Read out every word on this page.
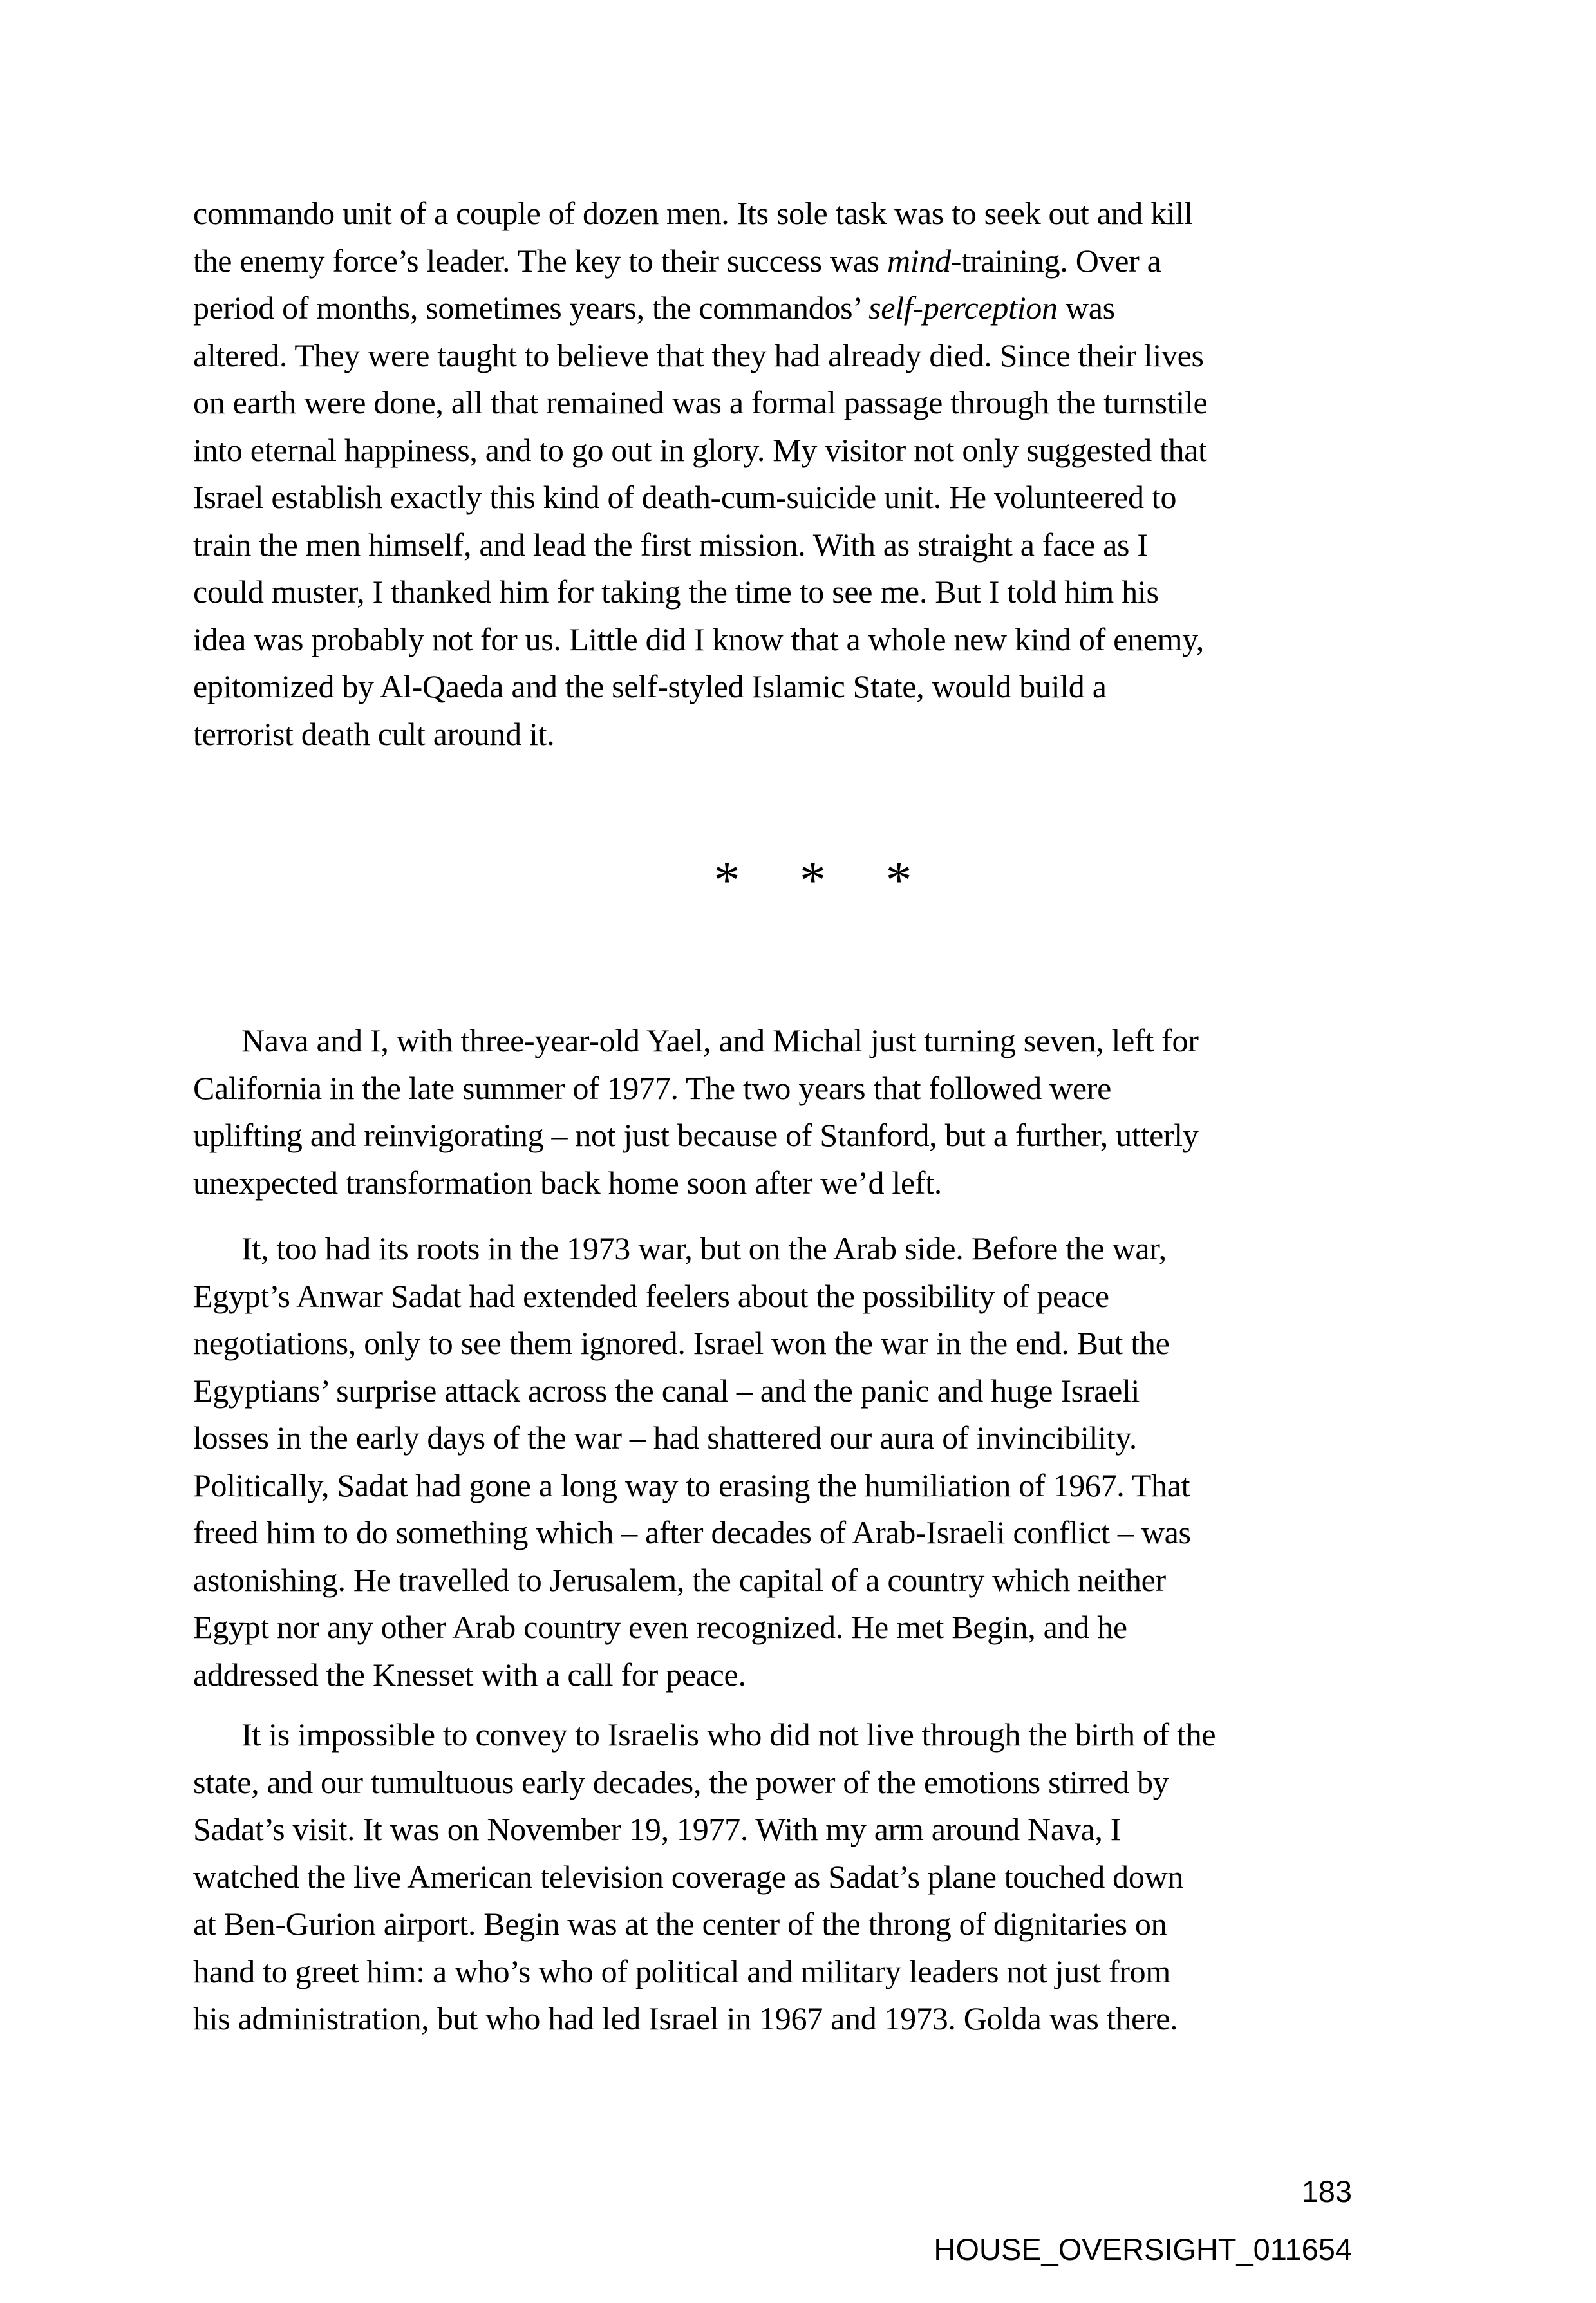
commando unit of a couple of dozen men. Its sole task was to seek out and kill
the enemy force’s leader. The key to their success was mind-training. Over a
period of months, sometimes years, the commandos’ self-perception was
altered. They were taught to believe that they had already died. Since their lives
on earth were done, all that remained was a formal passage through the turnstile
into eternal happiness, and to go out in glory. My visitor not only suggested that
Israel establish exactly this kind of death-cum-suicide unit. He volunteered to
train the men himself, and lead the first mission. With as straight a face as I
could muster, I thanked him for taking the time to see me. But I told him his
idea was probably not for us. Little did I know that a whole new kind of enemy,
epitomized by Al-Qaeda and the self-styled Islamic State, would build a
terrorist death cult around it.
* * *
Nava and I, with three-year-old Yael, and Michal just turning seven, left for
California in the late summer of 1977. The two years that followed were
uplifting and reinvigorating – not just because of Stanford, but a further, utterly
unexpected transformation back home soon after we’d left.
It, too had its roots in the 1973 war, but on the Arab side. Before the war,
Egypt’s Anwar Sadat had extended feelers about the possibility of peace
negotiations, only to see them ignored. Israel won the war in the end. But the
Egyptians’ surprise attack across the canal – and the panic and huge Israeli
losses in the early days of the war – had shattered our aura of invincibility.
Politically, Sadat had gone a long way to erasing the humiliation of 1967. That
freed him to do something which – after decades of Arab-Israeli conflict – was
astonishing. He travelled to Jerusalem, the capital of a country which neither
Egypt nor any other Arab country even recognized. He met Begin, and he
addressed the Knesset with a call for peace.
It is impossible to convey to Israelis who did not live through the birth of the
state, and our tumultuous early decades, the power of the emotions stirred by
Sadat’s visit. It was on November 19, 1977. With my arm around Nava, I
watched the live American television coverage as Sadat’s plane touched down
at Ben-Gurion airport. Begin was at the center of the throng of dignitaries on
hand to greet him: a who’s who of political and military leaders not just from
his administration, but who had led Israel in 1967 and 1973. Golda was there.
183
HOUSE_OVERSIGHT_011654
